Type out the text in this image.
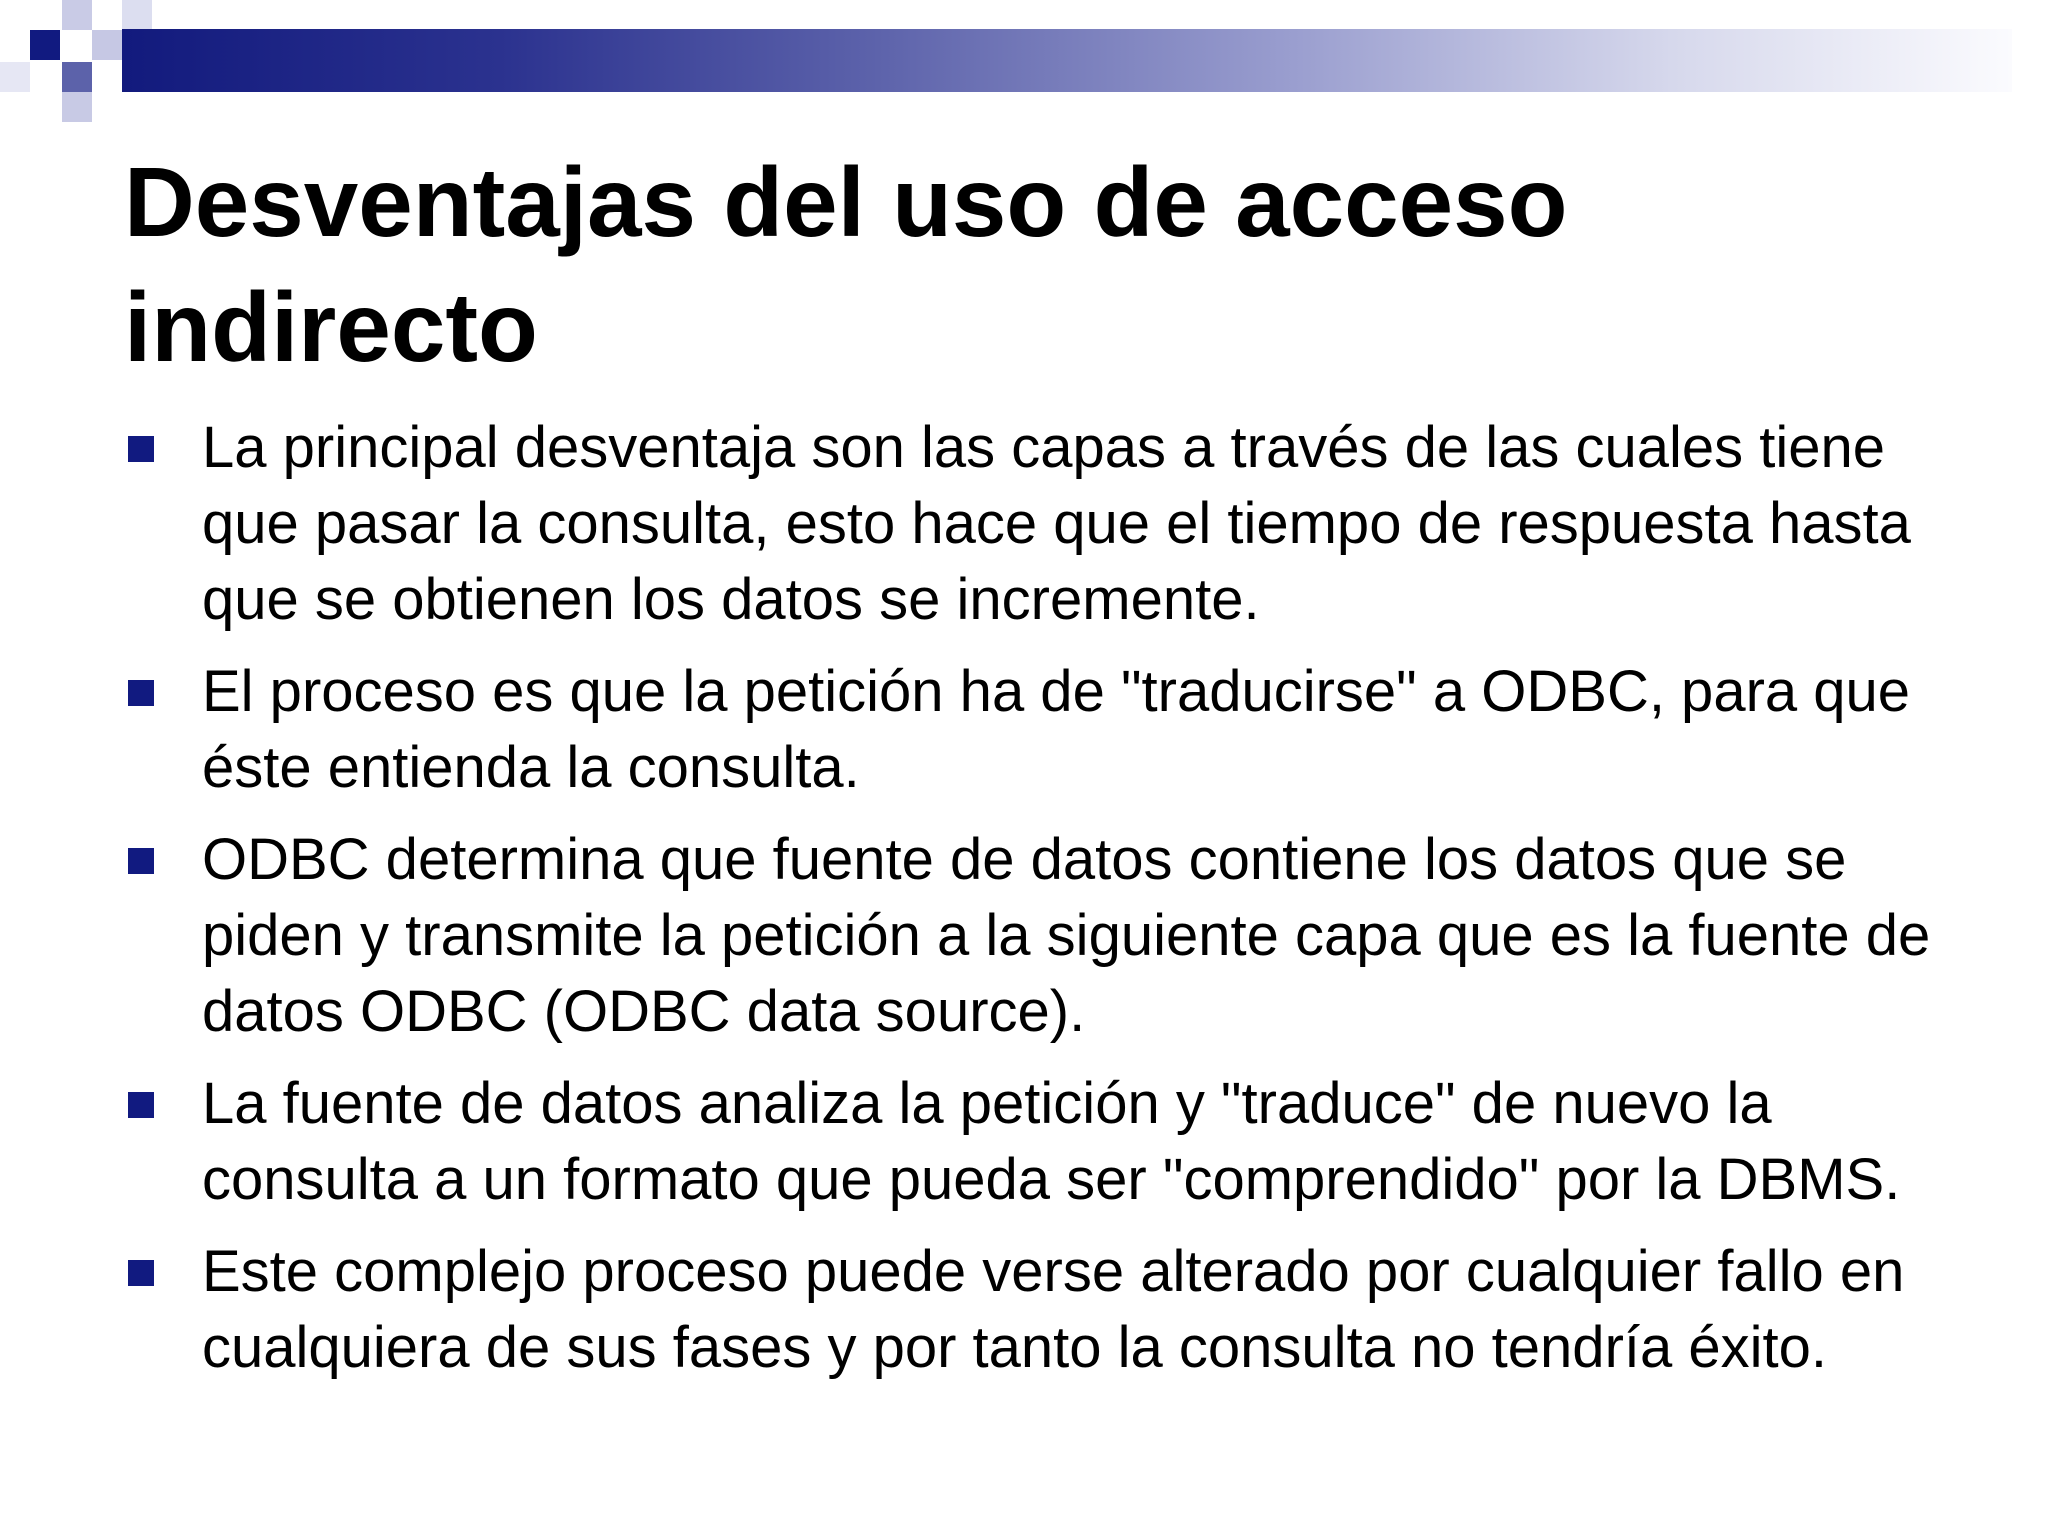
Desventajas del uso de acceso indirecto
La principal desventaja son las capas a través de las cuales tiene que pasar la consulta, esto hace que el tiempo de respuesta hasta que se obtienen los datos se incremente.
El proceso es que la petición ha de "traducirse" a ODBC, para que éste entienda la consulta.
ODBC determina que fuente de datos contiene los datos que se piden y transmite la petición a la siguiente capa que es la fuente de datos ODBC (ODBC data source).
La fuente de datos analiza la petición y "traduce" de nuevo la consulta a un formato que pueda ser "comprendido" por la DBMS.
Este complejo proceso puede verse alterado por cualquier fallo en cualquiera de sus fases y por tanto la consulta no tendría éxito.
